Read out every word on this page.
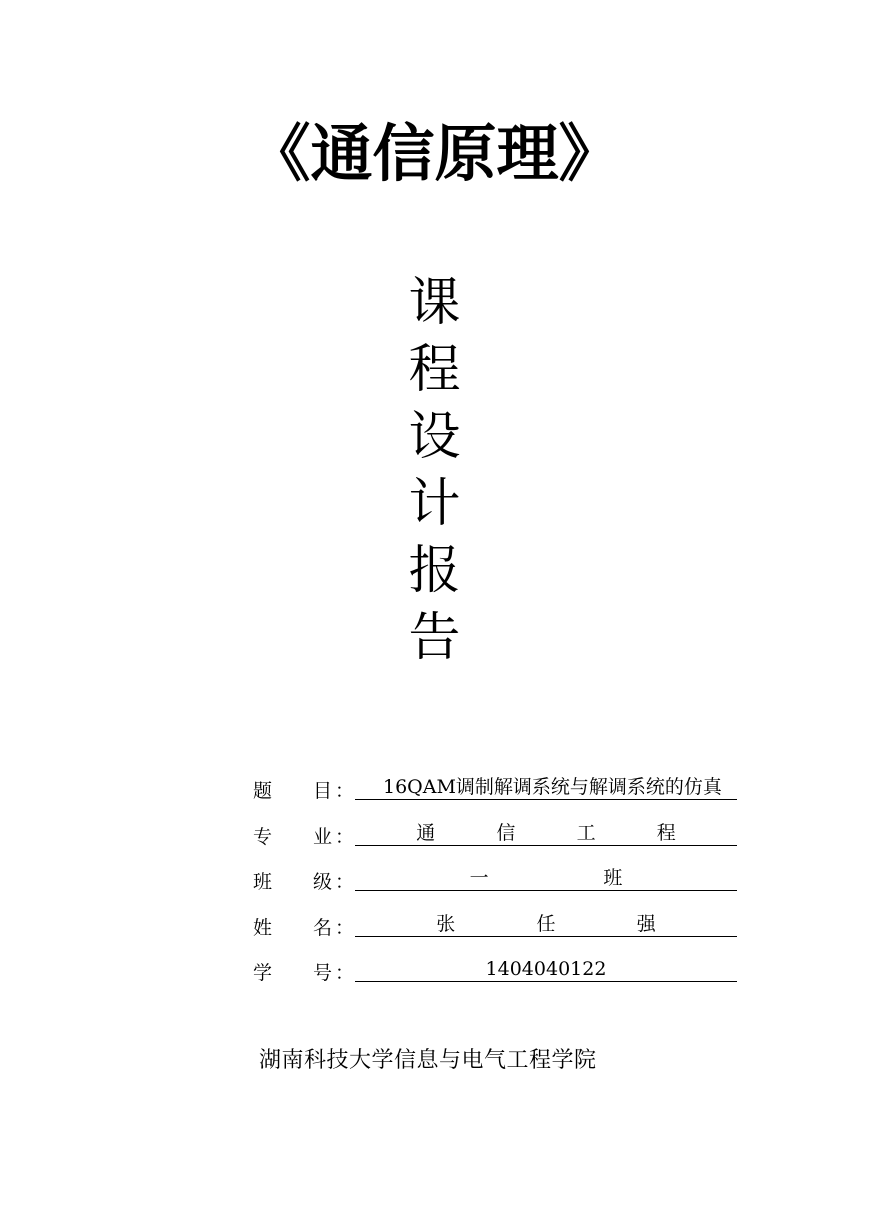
《通信原理》
课
程
设
计
报
告
题 目 ：	16QAM调制解调系统与解调系统的仿真
专 业 ：	通	信	工	程
班 级 ：	一	班
姓 名 ：	张	任	强
学 号 ：	1404040122
湖南科技大学信息与电气工程学院
